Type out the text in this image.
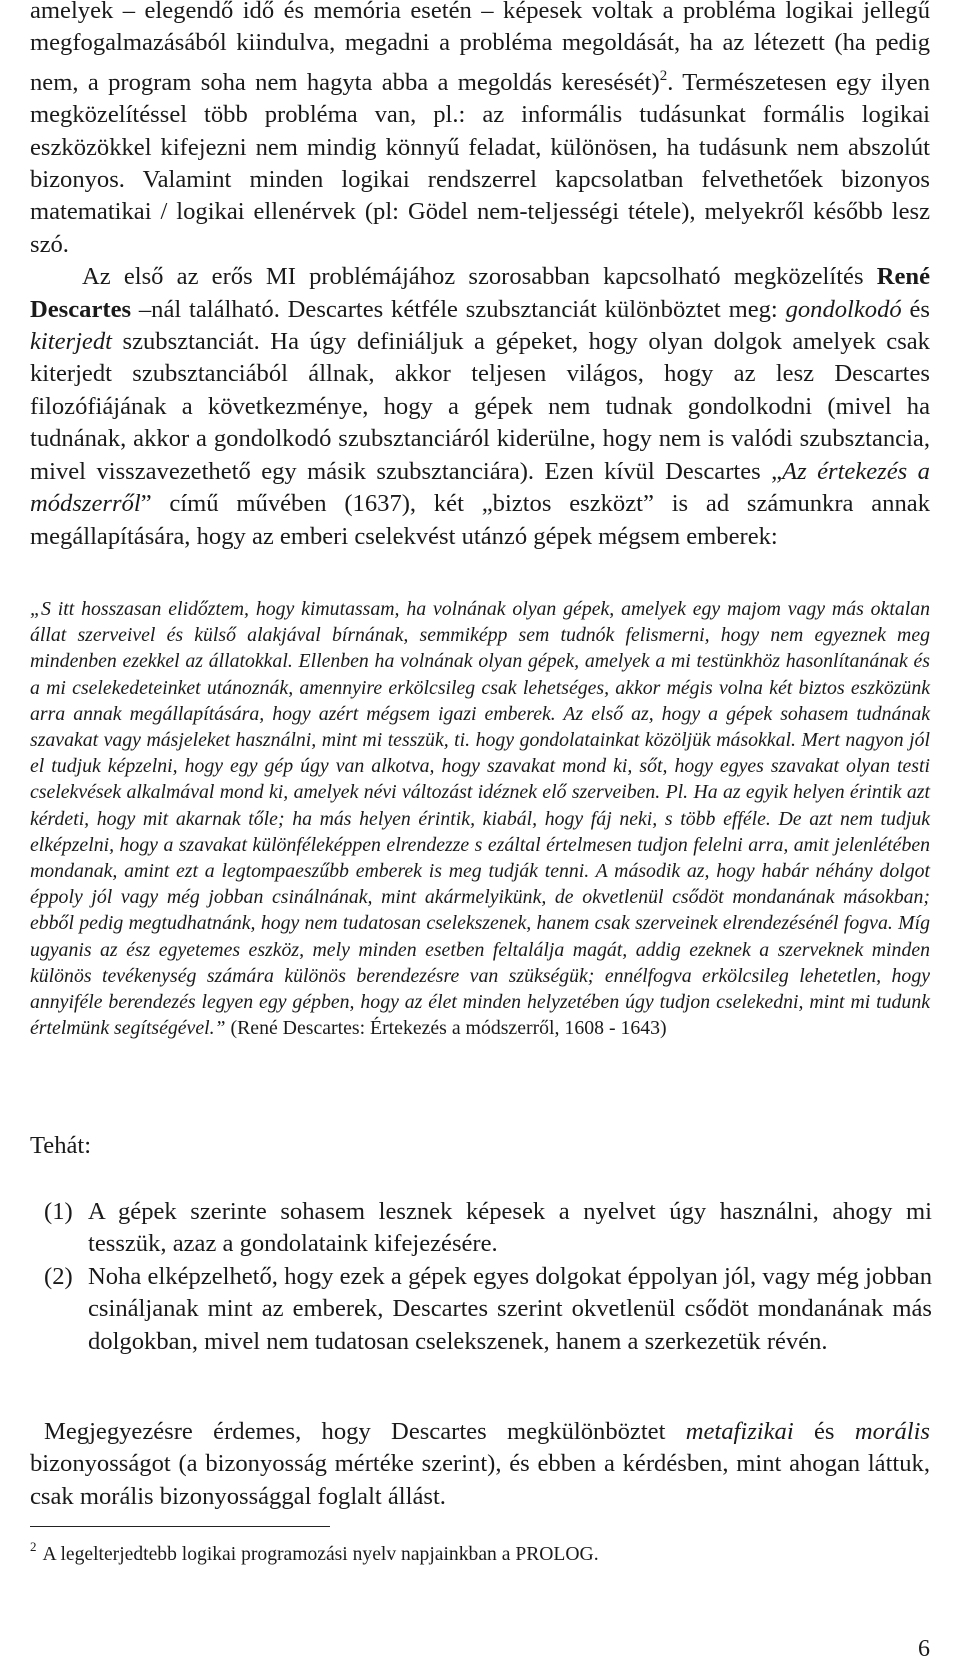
amelyek – elegendő idő és memória esetén – képesek voltak a probléma logikai jellegű megfogalmazásából kiindulva, megadni a probléma megoldását, ha az létezett (ha pedig nem, a program soha nem hagyta abba a megoldás keresését)$^2$. Természetesen egy ilyen megközelítéssel több probléma van, pl.: az informális tudásunkat formális logikai eszközökkel kifejezni nem mindig könnyű feladat, különösen, ha tudásunk nem abszolút bizonyos. Valamint minden logikai rendszerrel kapcsolatban felvethetőek bizonyos matematikai / logikai ellenérvek (pl: Gödel nem-teljességi tétele), melyekről később lesz szó.

Az első az erős MI problémájához szorosabban kapcsolható megközelítés René Descartes –nál található. Descartes kétféle szubsztanciát különböztet meg: gondolkodó és kiterjedt szubsztanciát. Ha úgy definiáljuk a gépeket, hogy olyan dolgok amelyek csak kiterjedt szubsztanciából állnak, akkor teljesen világos, hogy az lesz Descartes filozófiájának a következménye, hogy a gépek nem tudnak gondolkodni (mivel ha tudnának, akkor a gondolkodó szubsztanciáról kiderülne, hogy nem is valódi szubsztancia, mivel visszavezethető egy másik szubsztanciára). Ezen kívül Descartes „Az értekezés a módszerről” című művében (1637), két „biztos eszközt” is ad számunkra annak megállapítására, hogy az emberi cselekvést utánzó gépek mégsem emberek:

„S itt hosszasan elidőztem, hogy kimutassam, ha volnának olyan gépek, amelyek egy majom vagy más oktalan állat szerveivel és külső alakjával bírnának, semmiképp sem tudnók felismerni, hogy nem egyeznek meg mindenben ezekkel az állatokkal. Ellenben ha volnának olyan gépek, amelyek a mi testünkhöz hasonlítanának és a mi cselekedeteinket utánoznák, amennyire erkölcsileg csak lehetséges, akkor mégis volna két biztos eszközünk arra annak megállapítására, hogy azért mégsem igazi emberek. Az első az, hogy a gépek sohasem tudnának szavakat vagy másjeleket használni, mint mi tesszük, ti. hogy gondolatainkat közöljük másokkal. Mert nagyon jól el tudjuk képzelni, hogy egy gép úgy van alkotva, hogy szavakat mond ki, sőt, hogy egyes szavakat olyan testi cselekvések alkalmával mond ki, amelyek névi változást idéznek elő szerveiben. Pl. Ha az egyik helyen érintik azt kérdeti, hogy mit akarnak tőle; ha más helyen érintik, kiabál, hogy fáj neki, s több efféle. De azt nem tudjuk elképzelni, hogy a szavakat különféleképpen elrendezze s ezáltal értelmesen tudjon felelni arra, amit jelenlétében mondanak, amint ezt a legtompaeszűbb emberek is meg tudják tenni. A második az, hogy habár néhány dolgot éppoly jól vagy még jobban csinálnának, mint akármelyikünk, de okvetlenül csődöt mondanának másokban; ebből pedig megtudhatnánk, hogy nem tudatosan cselekszenek, hanem csak szerveinek elrendezésénél fogva. Míg ugyanis az ész egyetemes eszköz, mely minden esetben feltalálja magát, addig ezeknek a szerveknek minden különös tevékenység számára különös berendezésre van szükségük; ennélfogva erkölcsileg lehetetlen, hogy annyiféle berendezés legyen egy gépben, hogy az élet minden helyzetében úgy tudjon cselekedni, mint mi tudunk értelmünk segítségével.” (René Descartes: Értekezés a módszerről, 1608 - 1643)

Tehát:
(1) A gépek szerinte sohasem lesznek képesek a nyelvet úgy használni, ahogy mi tesszük, azaz a gondolataink kifejezésére.
(2) Noha elképzelhető, hogy ezek a gépek egyes dolgokat éppolyan jól, vagy még jobban csináljanak mint az emberek, Descartes szerint okvetlenül csődöt mondanának más dolgokban, mivel nem tudatosan cselekszenek, hanem a szerkezetük révén.

Megjegyezésre érdemes, hogy Descartes megkülönböztet metafizikai és morális bizonyosságot (a bizonyosság mértéke szerint), és ebben a kérdésben, mint ahogan láttuk, csak morális bizonyossággal foglalt állást.

$^2$ A legelterjedtebb logikai programozási nyelv napjainkban a PROLOG.
6
